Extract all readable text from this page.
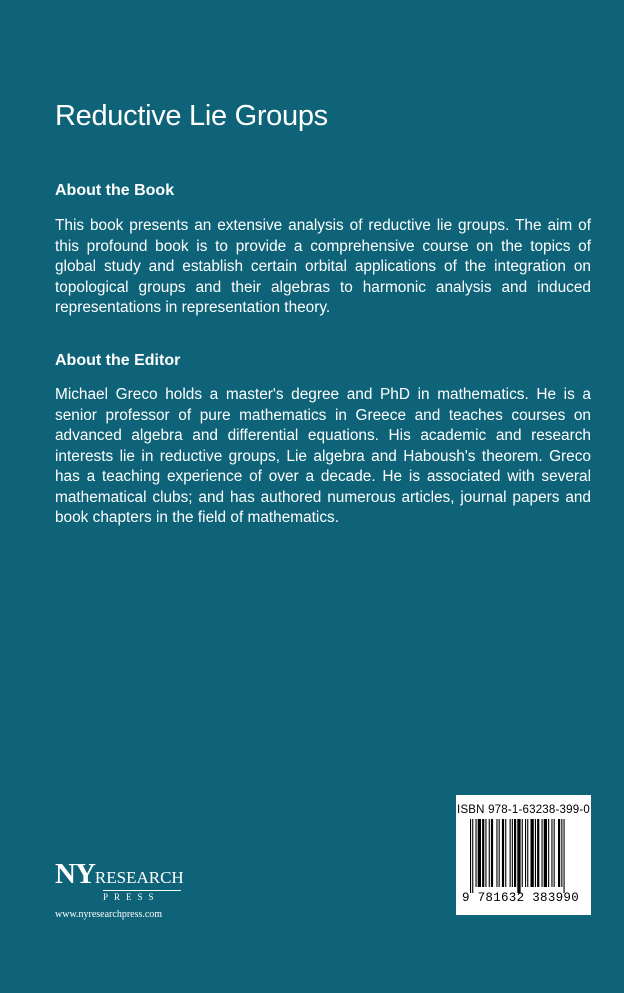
Reductive Lie Groups
About the Book

This book presents an extensive analysis of reductive lie groups. The aim of this profound book is to provide a comprehensive course on the topics of global study and establish certain orbital applications of the integration on topological groups and their algebras to harmonic analysis and induced representations in representation theory.

About the Editor

Michael Greco holds a master's degree and PhD in mathematics. He is a senior professor of pure mathematics in Greece and teaches courses on advanced algebra and differential equations. His academic and research interests lie in reductive groups, Lie algebra and Haboush's theorem. Greco has a teaching experience of over a decade. He is associated with several mathematical clubs; and has authored numerous articles, journal papers and book chapters in the field of mathematics.

NYRESEARCH
PRESS
www.nyresearchpress.com
ISBN 978-1-63238-399-0
9 781632 383990
